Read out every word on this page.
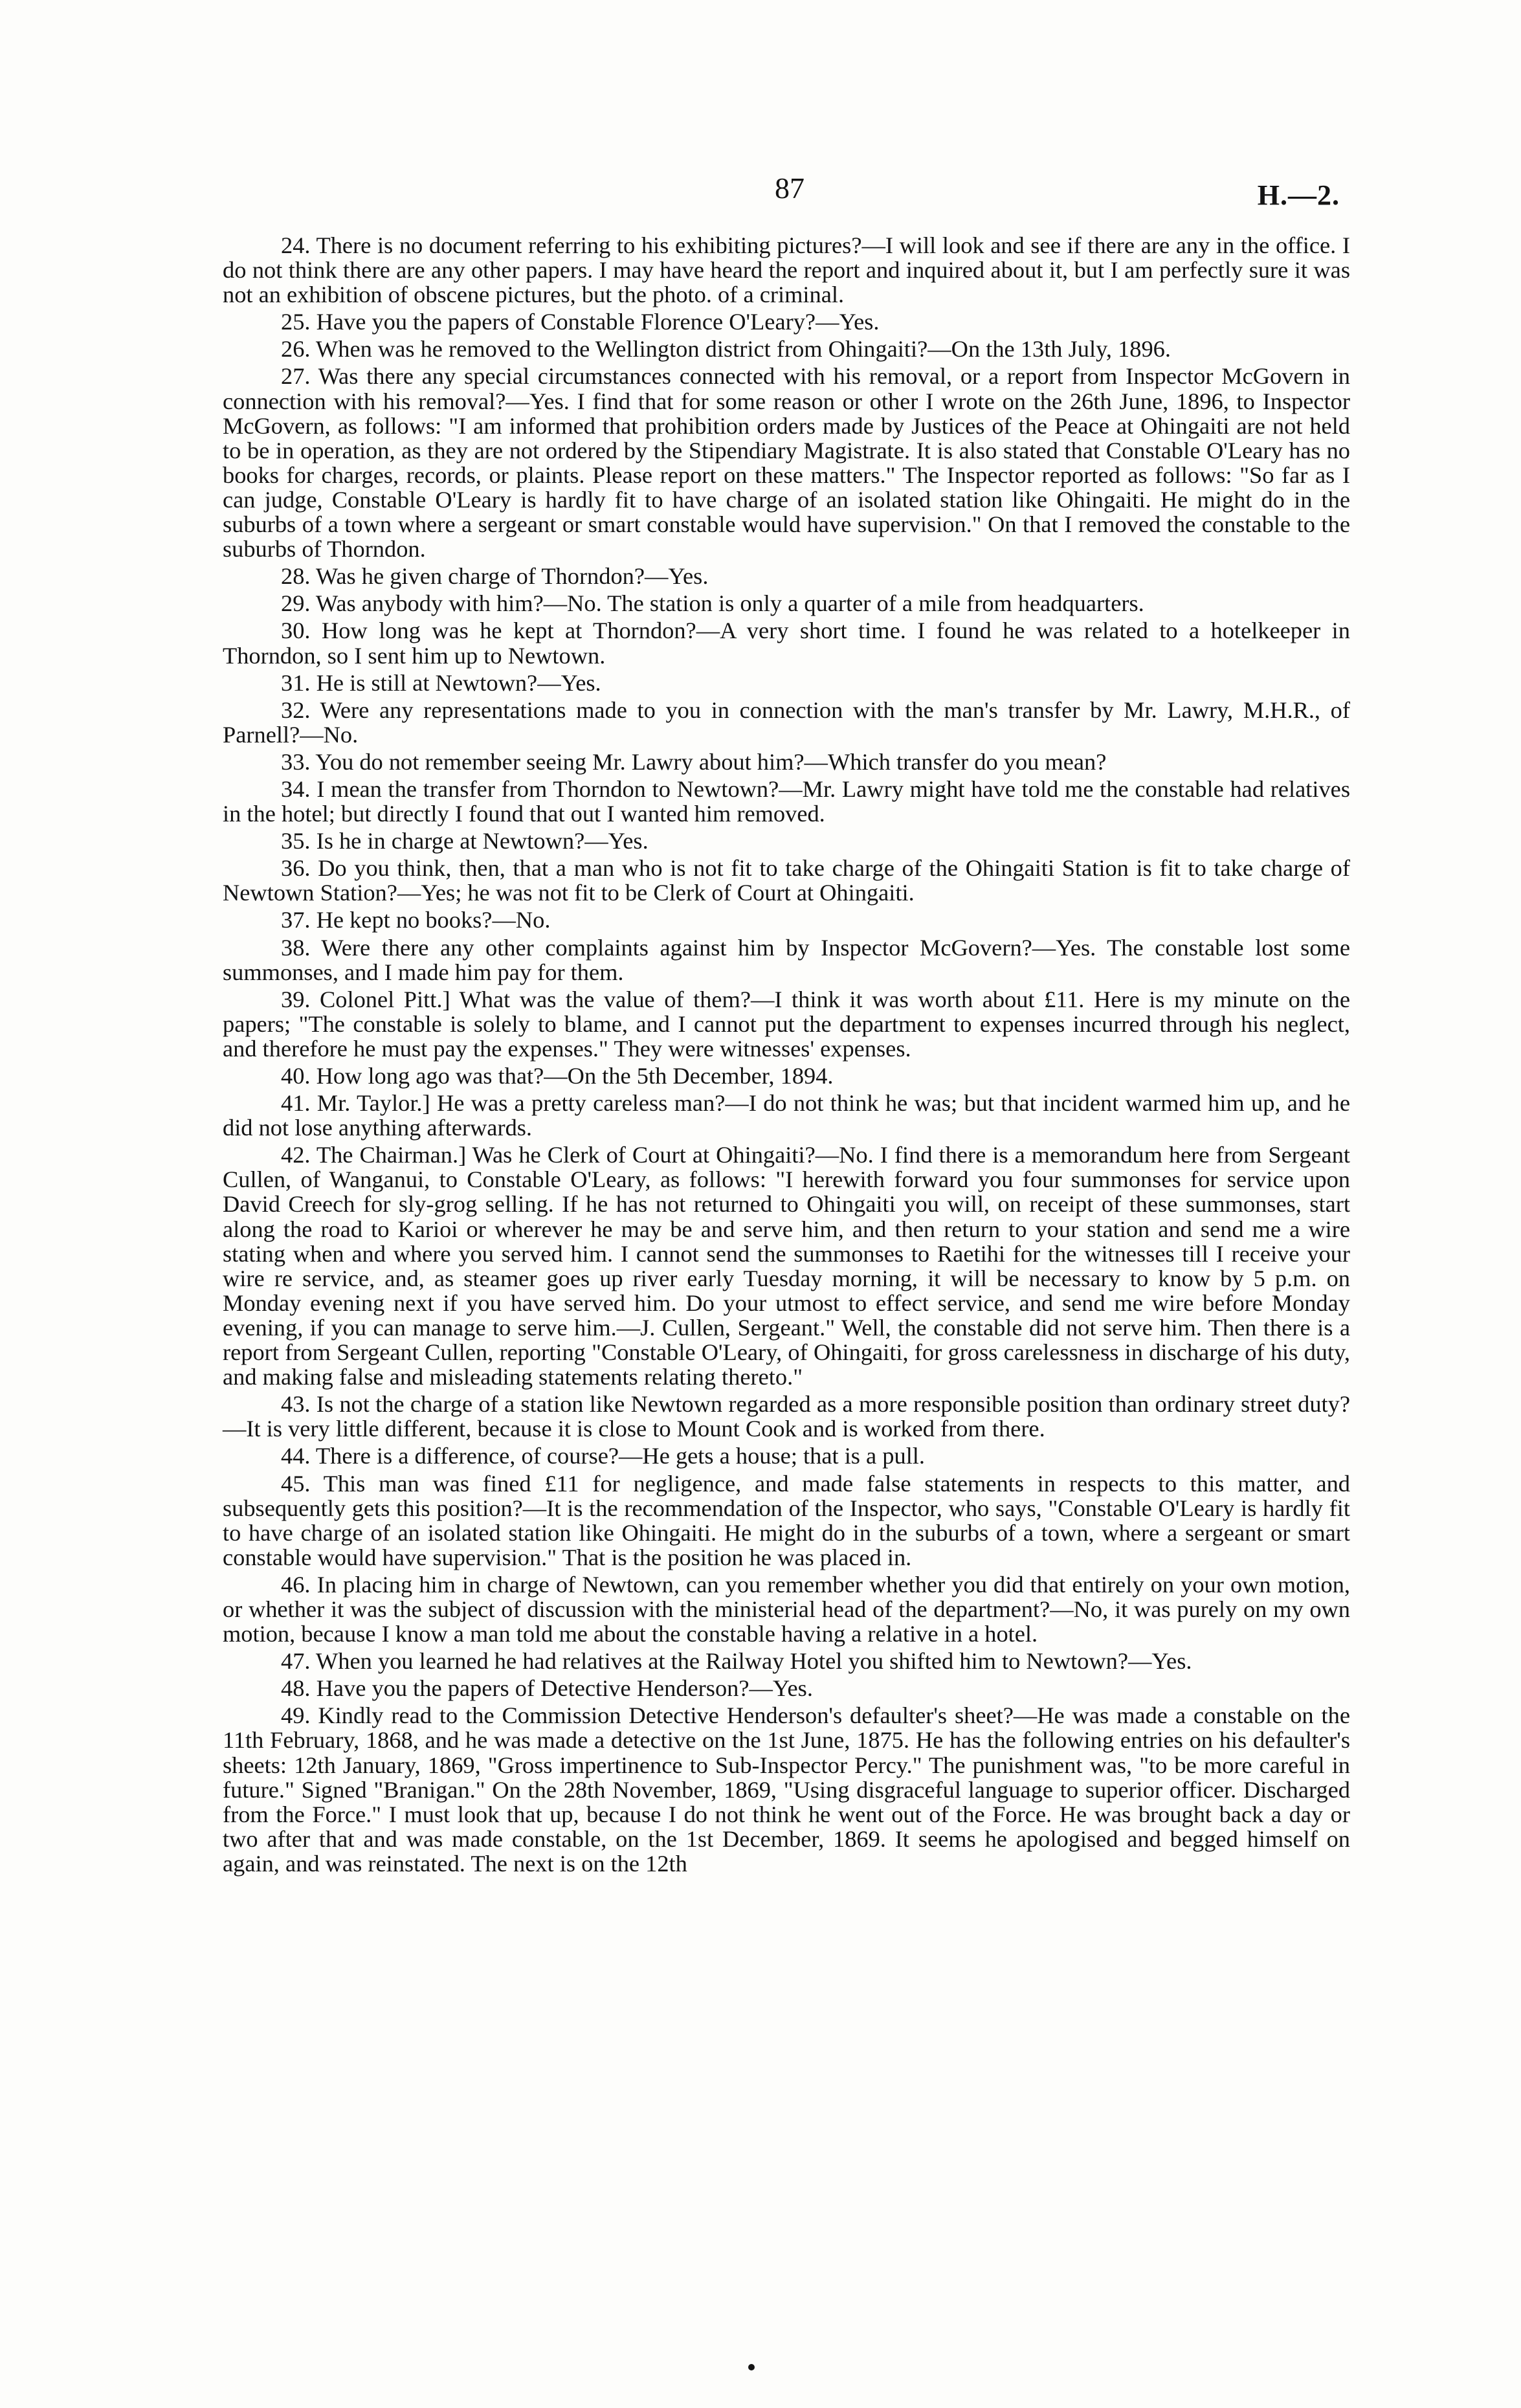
87	H.—2.

24. There is no document referring to his exhibiting pictures?—I will look and see if there are any in the office. I do not think there are any other papers. I may have heard the report and inquired about it, but I am perfectly sure it was not an exhibition of obscene pictures, but the photo. of a criminal.

25. Have you the papers of Constable Florence O'Leary?—Yes.

26. When was he removed to the Wellington district from Ohingaiti?—On the 13th July, 1896.

27. Was there any special circumstances connected with his removal, or a report from Inspector McGovern in connection with his removal?—Yes. I find that for some reason or other I wrote on the 26th June, 1896, to Inspector McGovern, as follows: "I am informed that prohibition orders made by Justices of the Peace at Ohingaiti are not held to be in operation, as they are not ordered by the Stipendiary Magistrate. It is also stated that Constable O'Leary has no books for charges, records, or plaints. Please report on these matters." The Inspector reported as follows: "So far as I can judge, Constable O'Leary is hardly fit to have charge of an isolated station like Ohingaiti. He might do in the suburbs of a town where a sergeant or smart constable would have supervision." On that I removed the constable to the suburbs of Thorndon.

28. Was he given charge of Thorndon?—Yes.

29. Was anybody with him?—No. The station is only a quarter of a mile from headquarters.

30. How long was he kept at Thorndon?—A very short time. I found he was related to a hotelkeeper in Thorndon, so I sent him up to Newtown.

31. He is still at Newtown?—Yes.

32. Were any representations made to you in connection with the man's transfer by Mr. Lawry, M.H.R., of Parnell?—No.

33. You do not remember seeing Mr. Lawry about him?—Which transfer do you mean?

34. I mean the transfer from Thorndon to Newtown?—Mr. Lawry might have told me the constable had relatives in the hotel; but directly I found that out I wanted him removed.

35. Is he in charge at Newtown?—Yes.

36. Do you think, then, that a man who is not fit to take charge of the Ohingaiti Station is fit to take charge of Newtown Station?—Yes; he was not fit to be Clerk of Court at Ohingaiti.

37. He kept no books?—No.

38. Were there any other complaints against him by Inspector McGovern?—Yes. The constable lost some summonses, and I made him pay for them.

39. Colonel Pitt.] What was the value of them?—I think it was worth about £11. Here is my minute on the papers; "The constable is solely to blame, and I cannot put the department to expenses incurred through his neglect, and therefore he must pay the expenses." They were witnesses' expenses.

40. How long ago was that?—On the 5th December, 1894.

41. Mr. Taylor.] He was a pretty careless man?—I do not think he was; but that incident warmed him up, and he did not lose anything afterwards.

42. The Chairman.] Was he Clerk of Court at Ohingaiti?—No. I find there is a memorandum here from Sergeant Cullen, of Wanganui, to Constable O'Leary, as follows: "I herewith forward you four summonses for service upon David Creech for sly-grog selling. If he has not returned to Ohingaiti you will, on receipt of these summonses, start along the road to Karioi or wherever he may be and serve him, and then return to your station and send me a wire stating when and where you served him. I cannot send the summonses to Raetihi for the witnesses till I receive your wire re service, and, as steamer goes up river early Tuesday morning, it will be necessary to know by 5 p.m. on Monday evening next if you have served him. Do your utmost to effect service, and send me wire before Monday evening, if you can manage to serve him.—J. Cullen, Sergeant." Well, the constable did not serve him. Then there is a report from Sergeant Cullen, reporting "Constable O'Leary, of Ohingaiti, for gross carelessness in discharge of his duty, and making false and misleading statements relating thereto."

43. Is not the charge of a station like Newtown regarded as a more responsible position than ordinary street duty?—It is very little different, because it is close to Mount Cook and is worked from there.

44. There is a difference, of course?—He gets a house; that is a pull.

45. This man was fined £11 for negligence, and made false statements in respects to this matter, and subsequently gets this position?—It is the recommendation of the Inspector, who says, "Constable O'Leary is hardly fit to have charge of an isolated station like Ohingaiti. He might do in the suburbs of a town, where a sergeant or smart constable would have supervision." That is the position he was placed in.

46. In placing him in charge of Newtown, can you remember whether you did that entirely on your own motion, or whether it was the subject of discussion with the ministerial head of the department?—No, it was purely on my own motion, because I know a man told me about the constable having a relative in a hotel.

47. When you learned he had relatives at the Railway Hotel you shifted him to Newtown?—Yes.

48. Have you the papers of Detective Henderson?—Yes.

49. Kindly read to the Commission Detective Henderson's defaulter's sheet?—He was made a constable on the 11th February, 1868, and he was made a detective on the 1st June, 1875. He has the following entries on his defaulter's sheets: 12th January, 1869, "Gross impertinence to Sub-Inspector Percy." The punishment was, "to be more careful in future." Signed "Branigan." On the 28th November, 1869, "Using disgraceful language to superior officer. Discharged from the Force." I must look that up, because I do not think he went out of the Force. He was brought back a day or two after that and was made constable, on the 1st December, 1869. It seems he apologised and begged himself on again, and was reinstated. The next is on the 12th
